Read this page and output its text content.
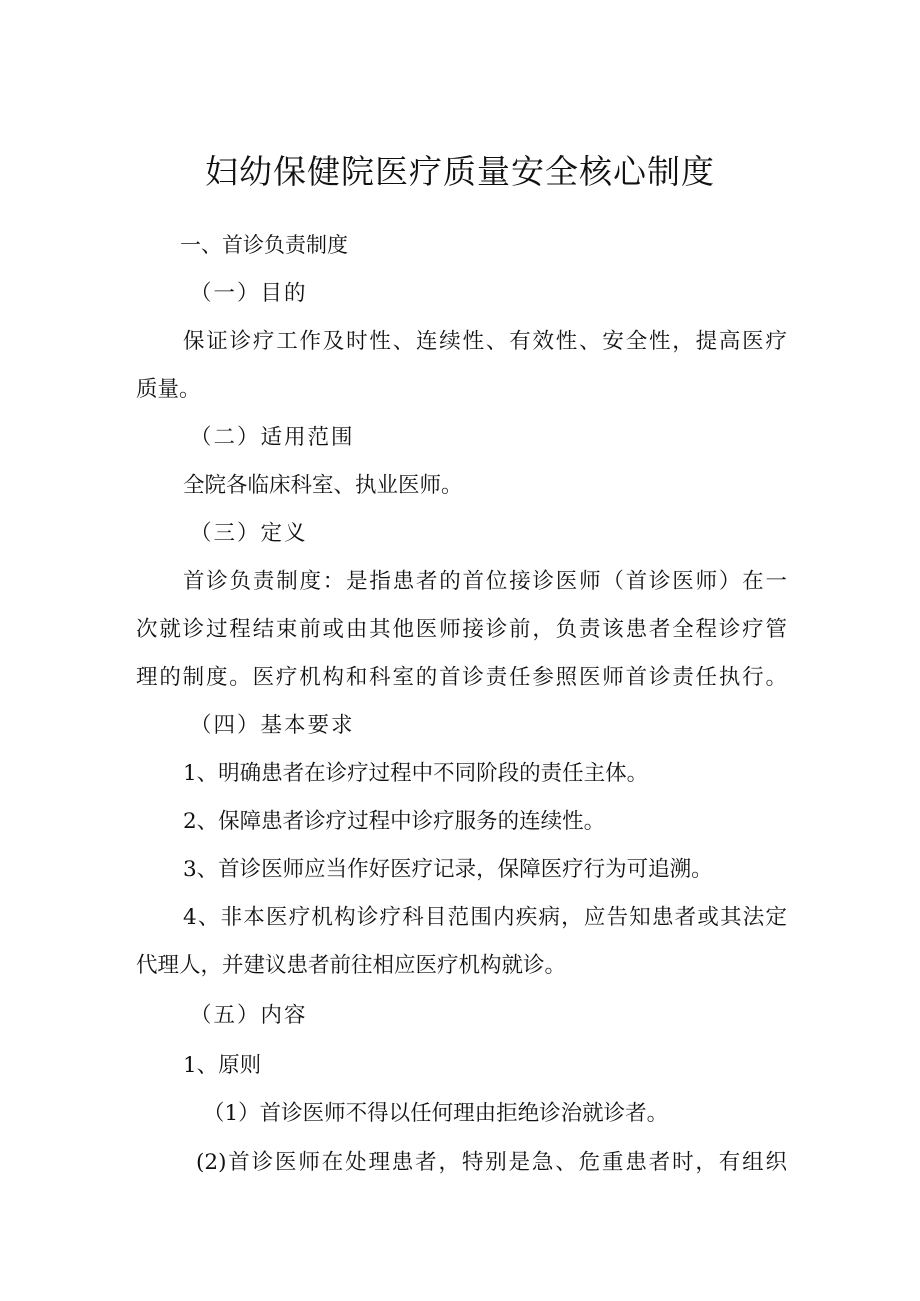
妇幼保健院医疗质量安全核心制度
一、首诊负责制度
（一）目的
保证诊疗工作及时性、连续性、有效性、安全性，提高医疗
质量。
（二）适用范围
全院各临床科室、执业医师。
（三）定义
首诊负责制度：是指患者的首位接诊医师（首诊医师）在一
次就诊过程结束前或由其他医师接诊前，负责该患者全程诊疗管
理的制度。医疗机构和科室的首诊责任参照医师首诊责任执行。
（四）基本要求
1、明确患者在诊疗过程中不同阶段的责任主体。
2、保障患者诊疗过程中诊疗服务的连续性。
3、首诊医师应当作好医疗记录，保障医疗行为可追溯。
4、非本医疗机构诊疗科目范围内疾病，应告知患者或其法定
代理人，并建议患者前往相应医疗机构就诊。
（五）内容
1、原则
（1）首诊医师不得以任何理由拒绝诊治就诊者。
(2)首诊医师在处理患者，特别是急、危重患者时，有组织
